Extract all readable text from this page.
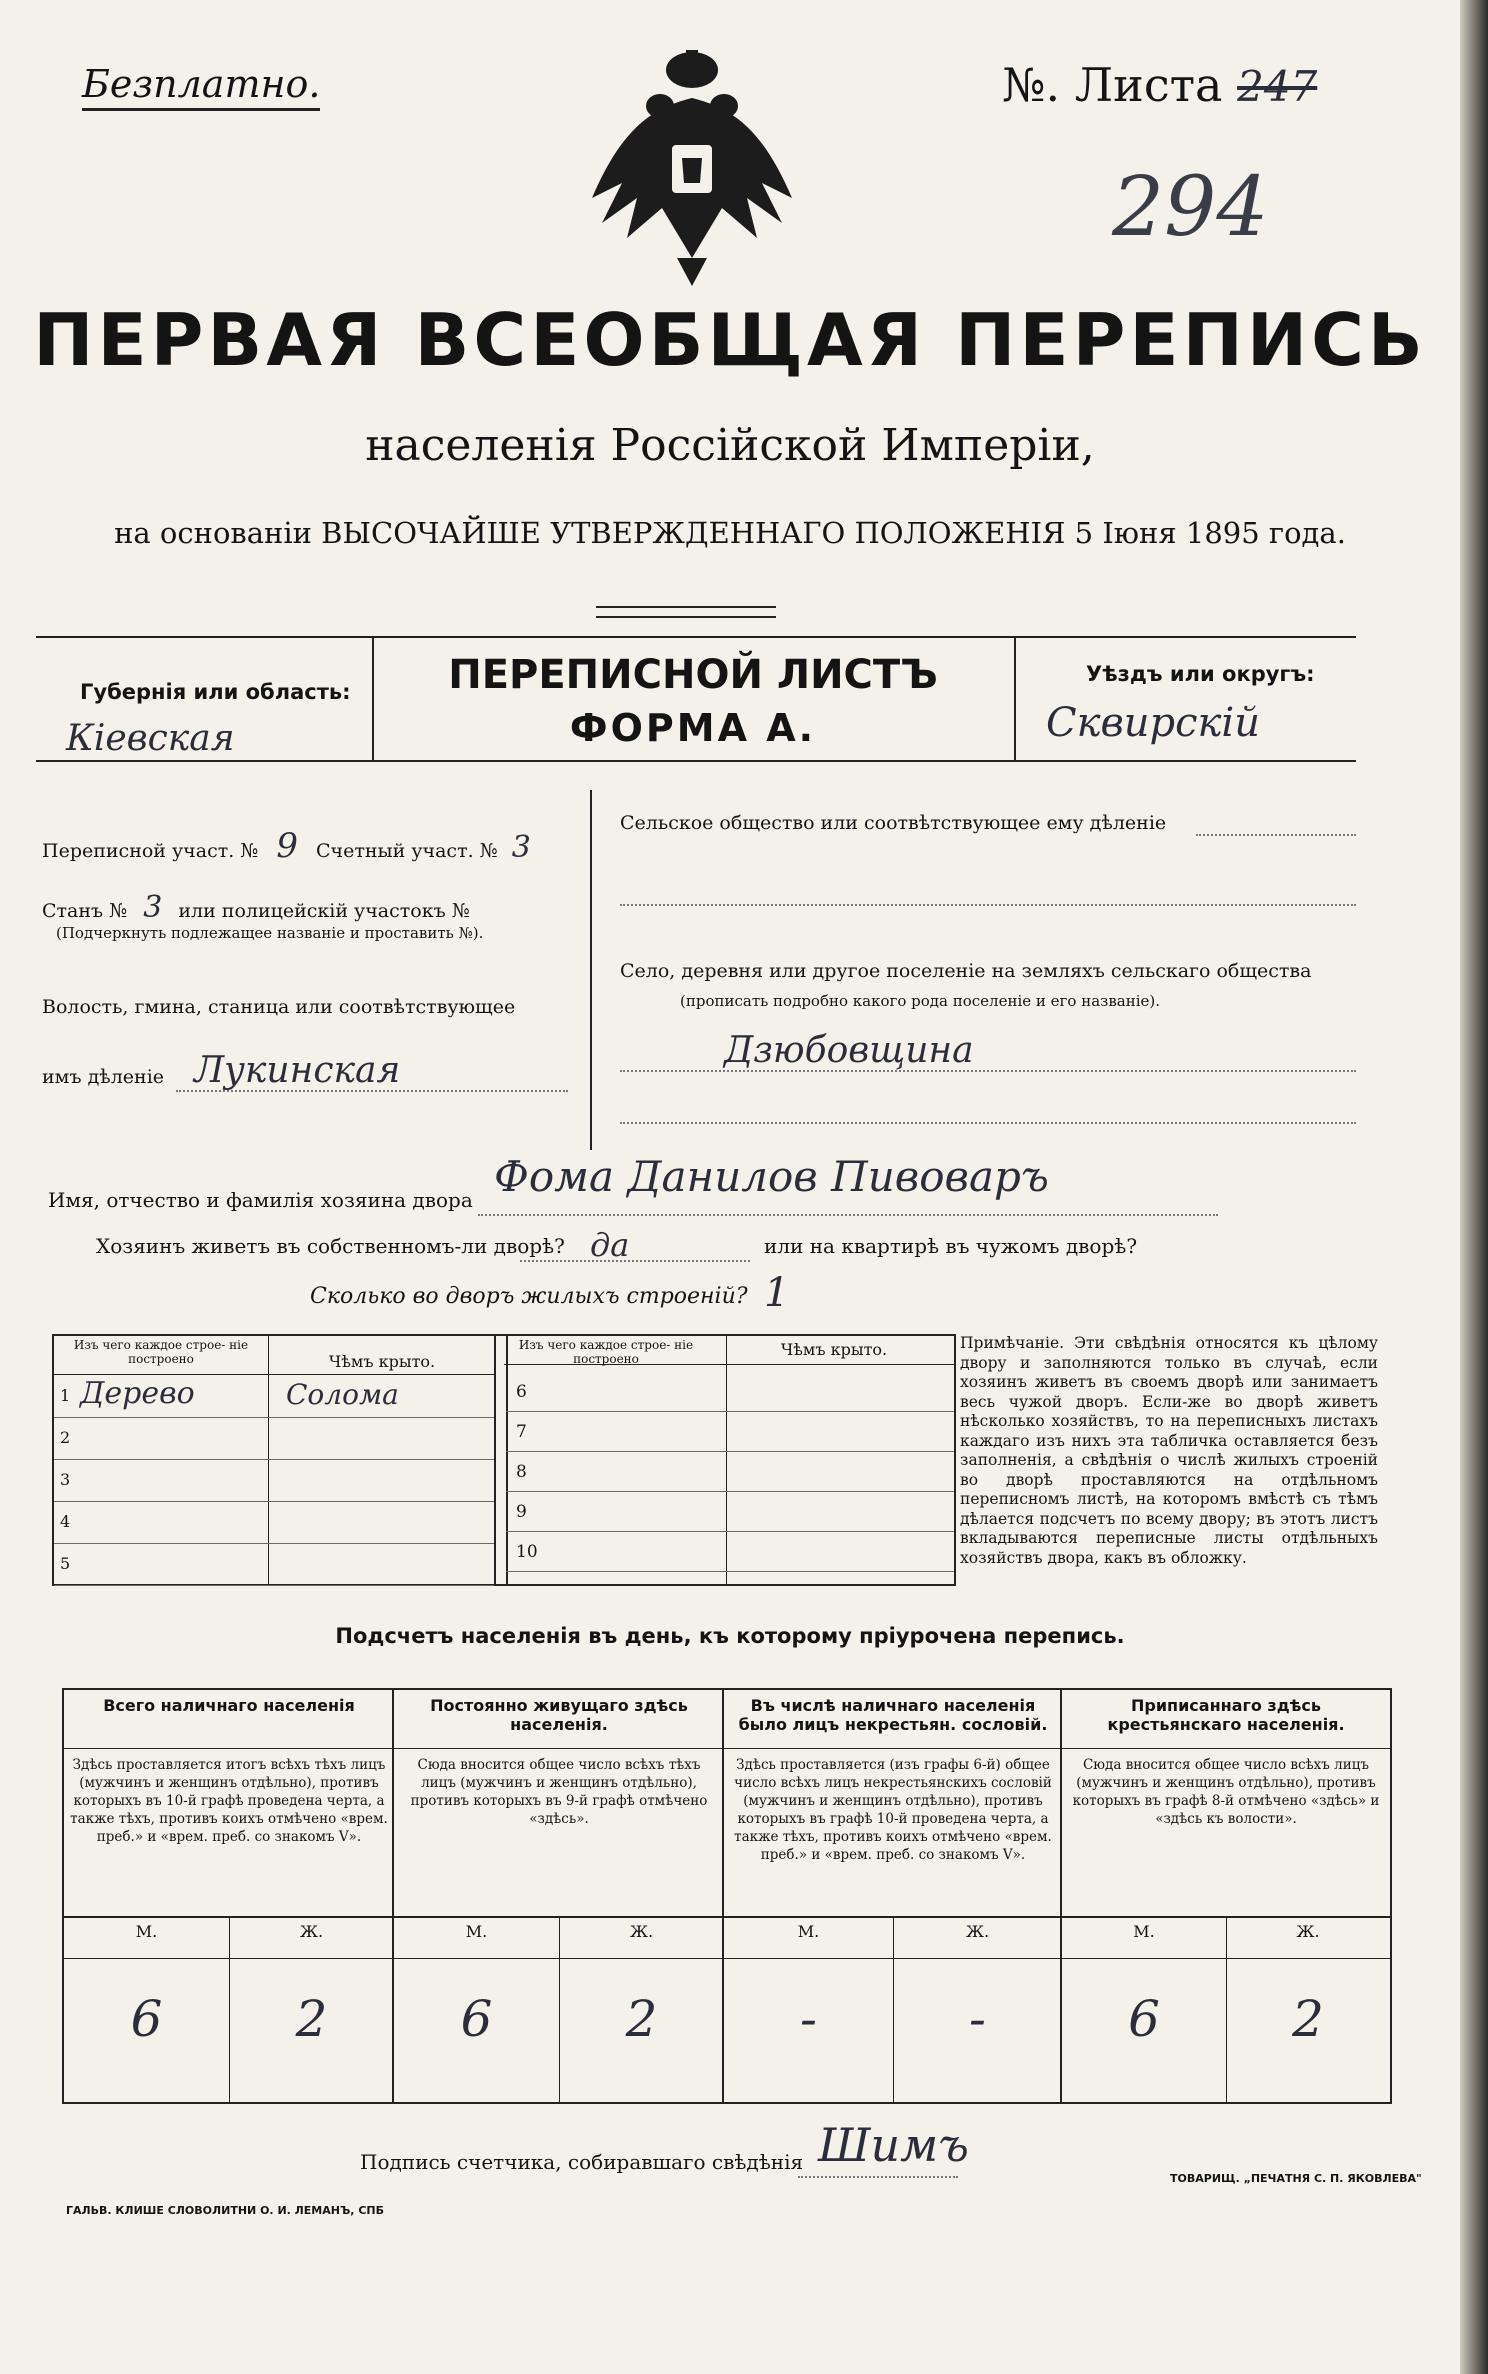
Безплатно.	№. Листа 247
294
ПЕРВАЯ ВСЕОБЩАЯ ПЕРЕПИСЬ
населенія Россійской Имперіи,
на основаніи ВЫСОЧАЙШЕ УТВЕРЖДЕННАГО ПОЛОЖЕНІЯ 5 Іюня 1895 года.
Губернія или область:
Кіевская
ПЕРЕПИСНОЙ ЛИСТЪ
ФОРМА А.
Уѣздъ или округъ:
Сквирскій
Переписной участ. № 9 Счетный участ. № 3
Станъ № 3 или полицейскій участокъ №
(Подчеркнуть подлежащее названіе и проставить №).
Волость, гмина, станица или соотвѣтствующее
имъ дѣленіе Лукинская
Сельское общество или соотвѣтствующее ему дѣленіе
Село, деревня или другое поселеніе на земляхъ сельскаго общества
(прописать подробно какого рода поселеніе и его названіе).
Дзюбовщина
Имя, отчество и фамилія хозяина двора Фома Данилов Пивоваръ
Хозяинъ живетъ въ собственномъ-ли дворѣ? да	или на квартирѣ въ чужомъ дворѣ?
Сколько во дворъ жилыхъ строеній? 1
Изъ чего каждое строе- ніе построено	Чѣмъ крыто.
1 Дерево	Солома
2
3
4
5
Изъ чего каждое строе- ніе построено	Чѣмъ крыто.
6
7
8
9
10
Примѣчаніе. Эти свѣдѣнія относятся къ цѣлому двору и заполняются только въ случаѣ, если хозяинъ живетъ въ своемъ дворѣ или занимаетъ весь чужой дворъ. Если-же во дворѣ живетъ нѣсколько хозяйствъ, то на переписныхъ листахъ каждаго изъ нихъ эта табличка оставляется безъ заполненія, а свѣдѣнія о числѣ жилыхъ строеній во дворѣ проставляются на отдѣльномъ переписномъ листѣ, на которомъ вмѣстѣ съ тѣмъ дѣлается подсчетъ по всему двору; въ этотъ листъ вкладываются переписные листы отдѣльныхъ хозяйствъ двора, какъ въ обложку.
Подсчетъ населенія въ день, къ которому пріурочена перепись.
Всего наличнаго населенія
Здѣсь проставляется итогъ всѣхъ тѣхъ лицъ (мужчинъ и женщинъ отдѣльно), противъ которыхъ въ 10-й графѣ проведена черта, а также тѣхъ, противъ коихъ отмѣчено «врем. преб.» и «врем. преб. со знакомъ V».
М.	Ж.
6	2
Постоянно живущаго здѣсь населенія.
Сюда вносится общее число всѣхъ тѣхъ лицъ (мужчинъ и женщинъ отдѣльно), противъ которыхъ въ 9-й графѣ отмѣчено «здѣсь».
М.	Ж.
6	2
Въ числѣ наличнаго населенія было лицъ некрестьян. сословій.
Здѣсь проставляется (изъ графы 6-й) общее число всѣхъ лицъ некрестьянскихъ сословій (мужчинъ и женщинъ отдѣльно), противъ которыхъ въ графѣ 10-й проведена черта, а также тѣхъ, противъ коихъ отмѣчено «врем. преб.» и «врем. преб. со знакомъ V».
М.	Ж.
-	-
Приписаннаго здѣсь крестьянскаго населенія.
Сюда вносится общее число всѣхъ лицъ (мужчинъ и женщинъ отдѣльно), противъ которыхъ въ графѣ 8-й отмѣчено «здѣсь» и «здѣсь къ волости».
М.	Ж.
6	2
Подпись счетчика, собиравшаго свѣдѣнія Шимъ
ГАЛЬВ. КЛИШЕ СЛОВОЛИТНИ О. И. ЛЕМАНЪ, СПБ
ТОВАРИЩ. „ПЕЧАТНЯ С. П. ЯКОВЛЕВА"
